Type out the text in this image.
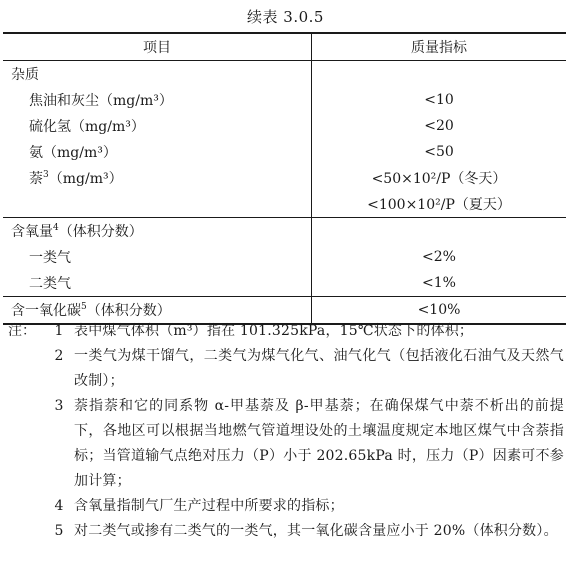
续表 3.0.5
项目	质量指标
杂质	
焦油和灰尘（mg/m³）	<10
硫化氢（mg/m³）	<20
氨（mg/m³）	<50
萘$^3$（mg/m³）	<50×10²/P（冬天）
	<100×10²/P（夏天）
含氧量$^4$（体积分数）	
一类气	<2%
二类气	<1%
含一氧化碳$^5$（体积分数）	<10%
注： 1 表中煤气体积（m³）指在 101.325kPa，15℃状态下的体积；
2 一类气为煤干馏气，二类气为煤气化气、油气化气（包括液化石油气及天然气改制）；
3 萘指萘和它的同系物 α-甲基萘及 β-甲基萘；在确保煤气中萘不析出的前提下，各地区可以根据当地燃气管道埋设处的土壤温度规定本地区煤气中含萘指标；当管道输气点绝对压力（P）小于 202.65kPa 时，压力（P）因素可不参加计算；
4 含氧量指制气厂生产过程中所要求的指标；
5 对二类气或掺有二类气的一类气，其一氧化碳含量应小于 20%（体积分数）。
